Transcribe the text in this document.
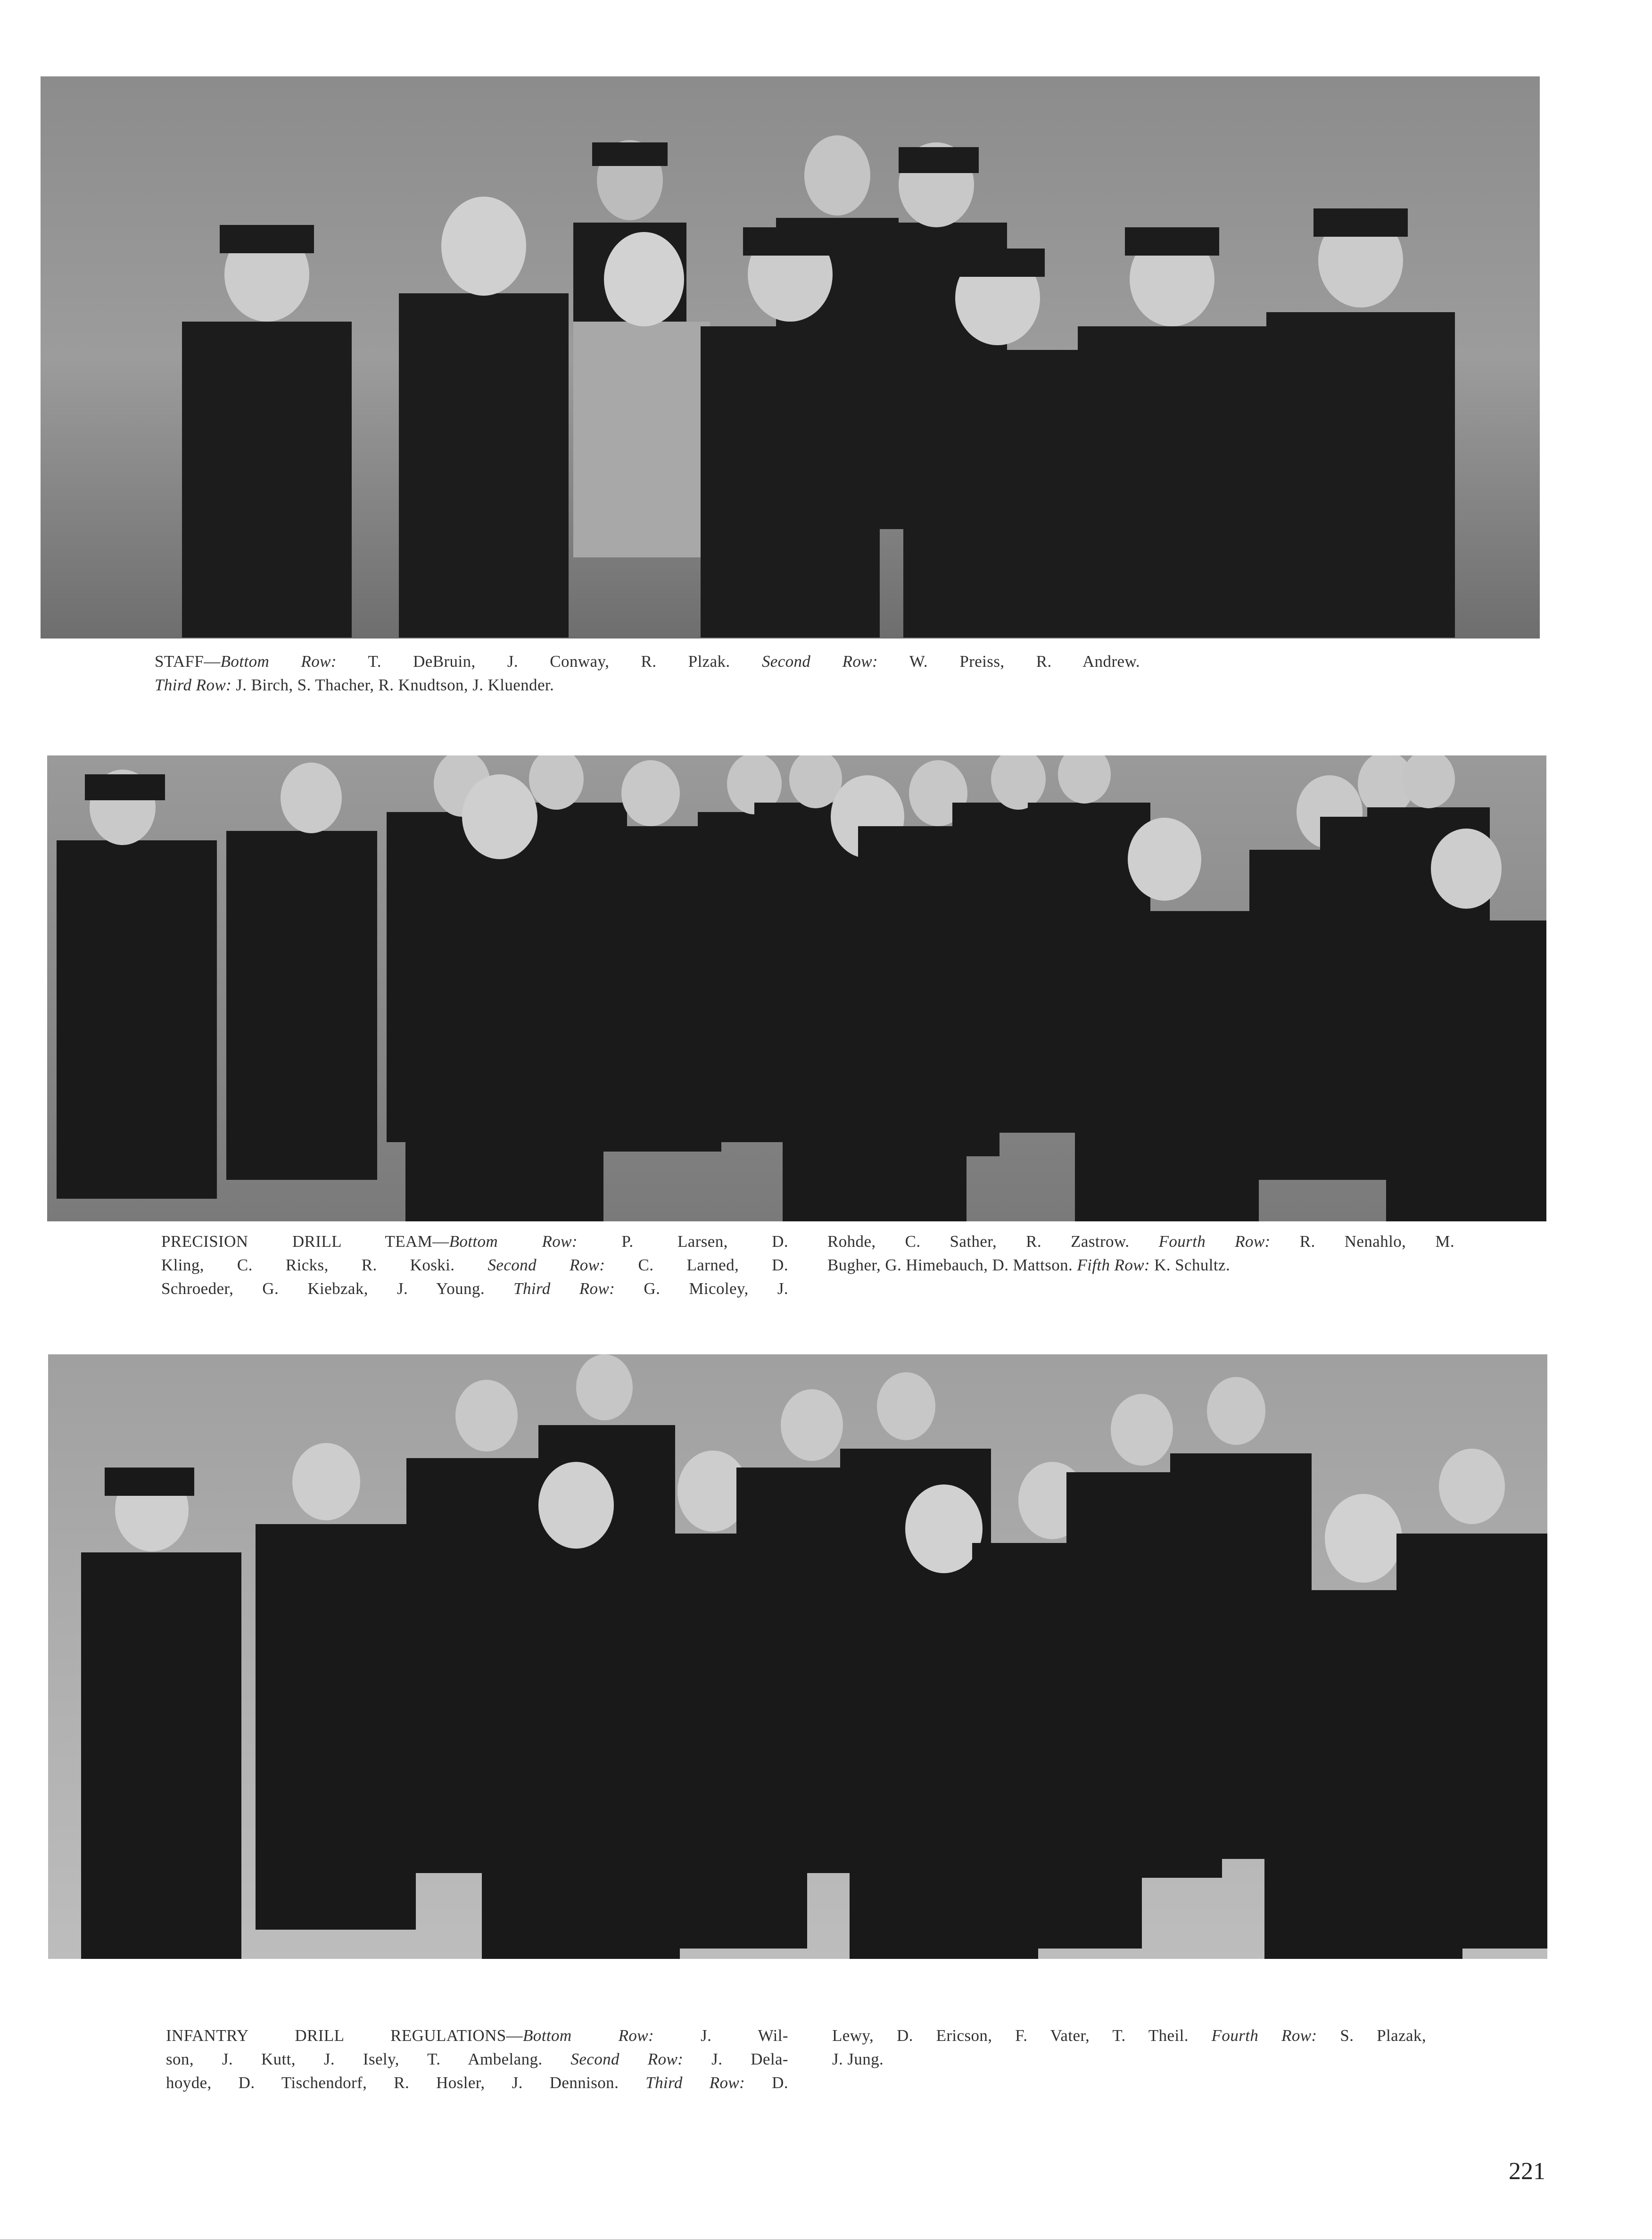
STAFF—Bottom Row: T. DeBruin, J. Conway, R. Plzak. Second Row: W. Preiss, R. Andrew.
Third Row: J. Birch, S. Thacher, R. Knudtson, J. Kluender.
PRECISION DRILL TEAM—Bottom Row: P. Larsen, D.
Kling, C. Ricks, R. Koski. Second Row: C. Larned, D.
Schroeder, G. Kiebzak, J. Young. Third Row: G. Micoley, J.
Rohde, C. Sather, R. Zastrow. Fourth Row: R. Nenahlo, M.
Bugher, G. Himebauch, D. Mattson. Fifth Row: K. Schultz.
INFANTRY DRILL REGULATIONS—Bottom Row: J. Wil-
son, J. Kutt, J. Isely, T. Ambelang. Second Row: J. Dela-
hoyde, D. Tischendorf, R. Hosler, J. Dennison. Third Row: D.
Lewy, D. Ericson, F. Vater, T. Theil. Fourth Row: S. Plazak,
J. Jung.
221
